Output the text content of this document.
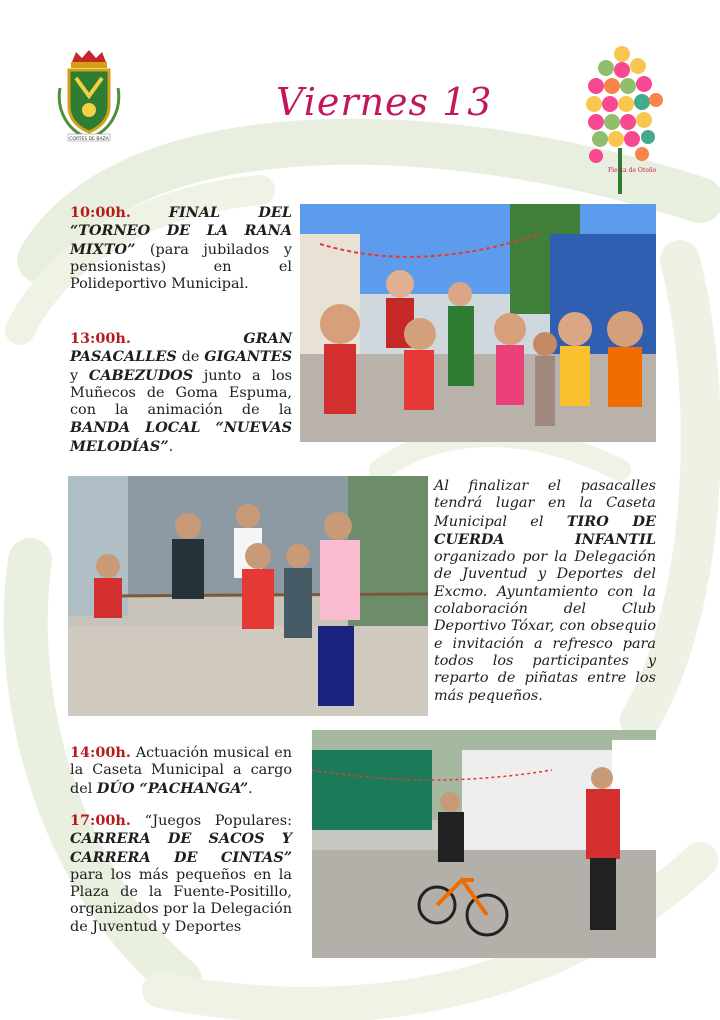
CORTES DE BAZA
Viernes 13
Fiesta de Otoño
10:00h.	FINAL DEL “TORNEO DE LA RANA MIXTO” (para jubilados y pensionistas) en el Polideportivo Municipal.
13:00h.	GRAN PASACALLES de GIGANTES y CABEZUDOS junto a los Muñecos de Goma Espuma, con la animación de la BANDA LOCAL “NUEVAS MELODÍAS”.
Al finalizar el pasacalles tendrá lugar en la Caseta Municipal el TIRO DE CUERDA INFANTIL organizado por la Delegación de Juventud y Deportes del Excmo. Ayuntamiento con la colaboración del Club Deportivo Tóxar, con obsequio e invitación a refresco para todos los participantes y reparto de piñatas entre los más pequeños.
14:00h. Actuación musical en la Caseta Municipal a cargo del DÚO “PACHANGA”.
17:00h. “Juegos Populares: CARRERA DE SACOS Y CARRERA DE CINTAS” para los más pequeños en la Plaza de la Fuente-Positillo, organizados por la Delegación de Juventud y Deportes
